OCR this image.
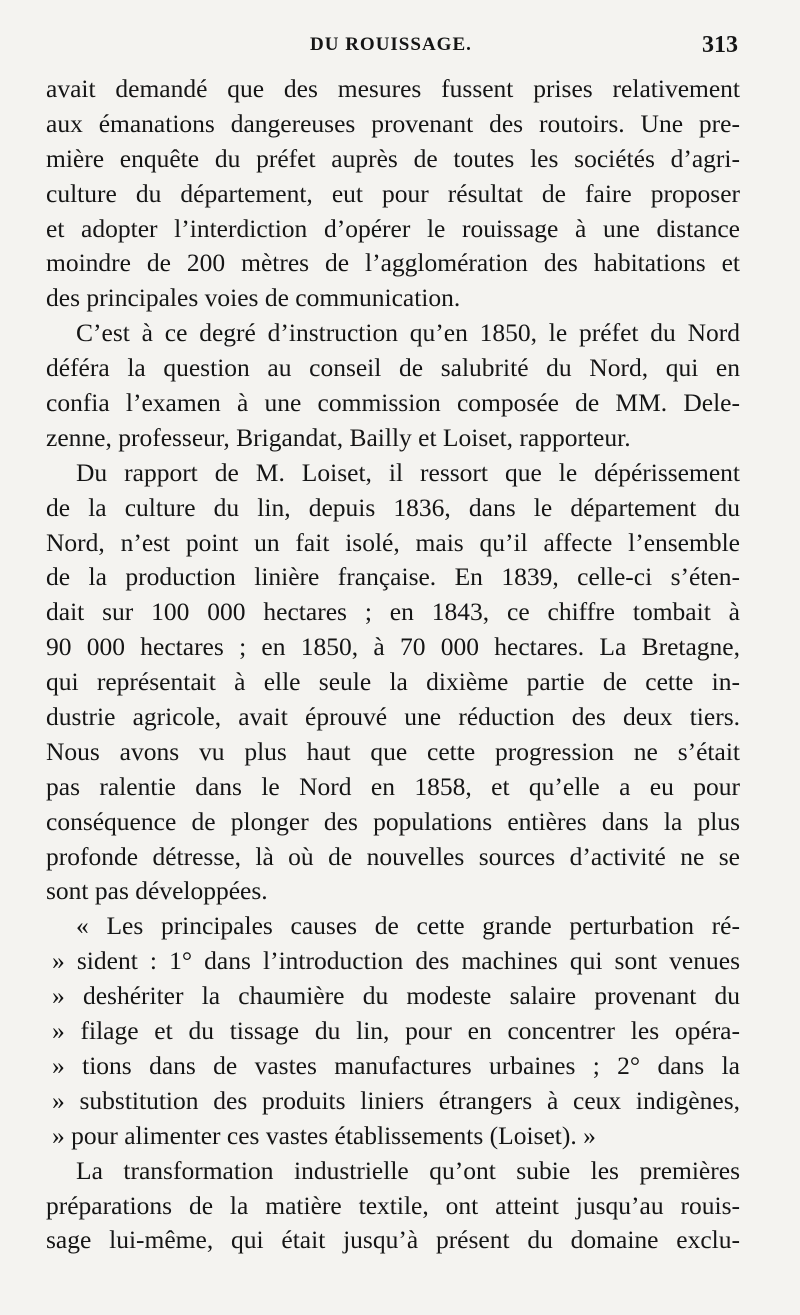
DU ROUISSAGE.	313
avait demandé que des mesures fussent prises relativement
aux émanations dangereuses provenant des routoirs. Une pre-
mière enquête du préfet auprès de toutes les sociétés d’agri-
culture du département, eut pour résultat de faire proposer
et adopter l’interdiction d’opérer le rouissage à une distance
moindre de 200 mètres de l’agglomération des habitations et
des principales voies de communication.
C’est à ce degré d’instruction qu’en 1850, le préfet du Nord
déféra la question au conseil de salubrité du Nord, qui en
confia l’examen à une commission composée de MM. Dele-
zenne, professeur, Brigandat, Bailly et Loiset, rapporteur.
Du rapport de M. Loiset, il ressort que le dépérissement
de la culture du lin, depuis 1836, dans le département du
Nord, n’est point un fait isolé, mais qu’il affecte l’ensemble
de la production linière française. En 1839, celle-ci s’éten-
dait sur 100 000 hectares ; en 1843, ce chiffre tombait à
90 000 hectares ; en 1850, à 70 000 hectares. La Bretagne,
qui représentait à elle seule la dixième partie de cette in-
dustrie agricole, avait éprouvé une réduction des deux tiers.
Nous avons vu plus haut que cette progression ne s’était
pas ralentie dans le Nord en 1858, et qu’elle a eu pour
conséquence de plonger des populations entières dans la plus
profonde détresse, là où de nouvelles sources d’activité ne se
sont pas développées.
« Les principales causes de cette grande perturbation ré-
» sident : 1° dans l’introduction des machines qui sont venues
» deshériter la chaumière du modeste salaire provenant du
» filage et du tissage du lin, pour en concentrer les opéra-
» tions dans de vastes manufactures urbaines ; 2° dans la
» substitution des produits liniers étrangers à ceux indigènes,
» pour alimenter ces vastes établissements (Loiset). »
La transformation industrielle qu’ont subie les premières
préparations de la matière textile, ont atteint jusqu’au rouis-
sage lui-même, qui était jusqu’à présent du domaine exclu-
